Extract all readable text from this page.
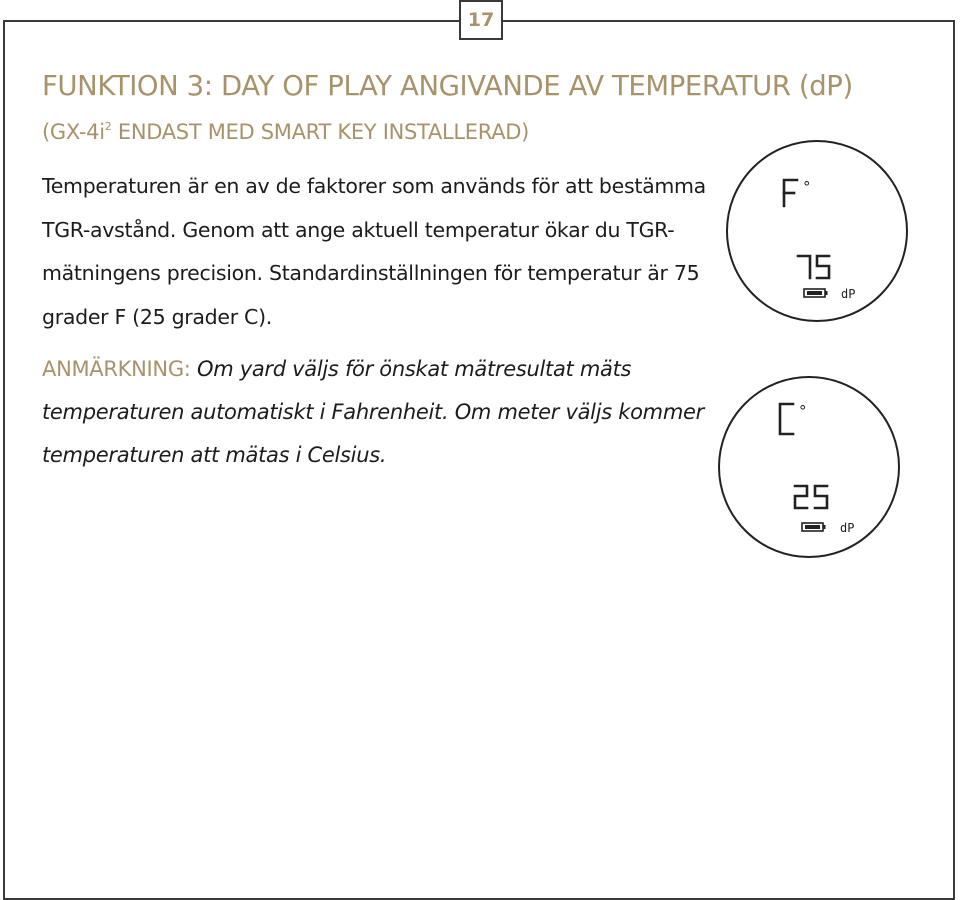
17
FUNKTION 3: DAY OF PLAY ANGIVANDE AV TEMPERATUR (dP)
($GX-4i^2$ ENDAST MED SMART KEY INSTALLERAD)

Temperaturen är en av de faktorer som används för att bestämma TGR-avstånd. Genom att ange aktuell temperatur ökar du TGR-mätningens precision. Standardinställningen för temperatur är 75 grader F (25 grader C).

ANMÄRKNING: Om yard väljs för önskat mätresultat mäts temperaturen automatiskt i Fahrenheit. Om meter väljs kommer temperaturen att mätas i Celsius.

°
dP
°
dP
